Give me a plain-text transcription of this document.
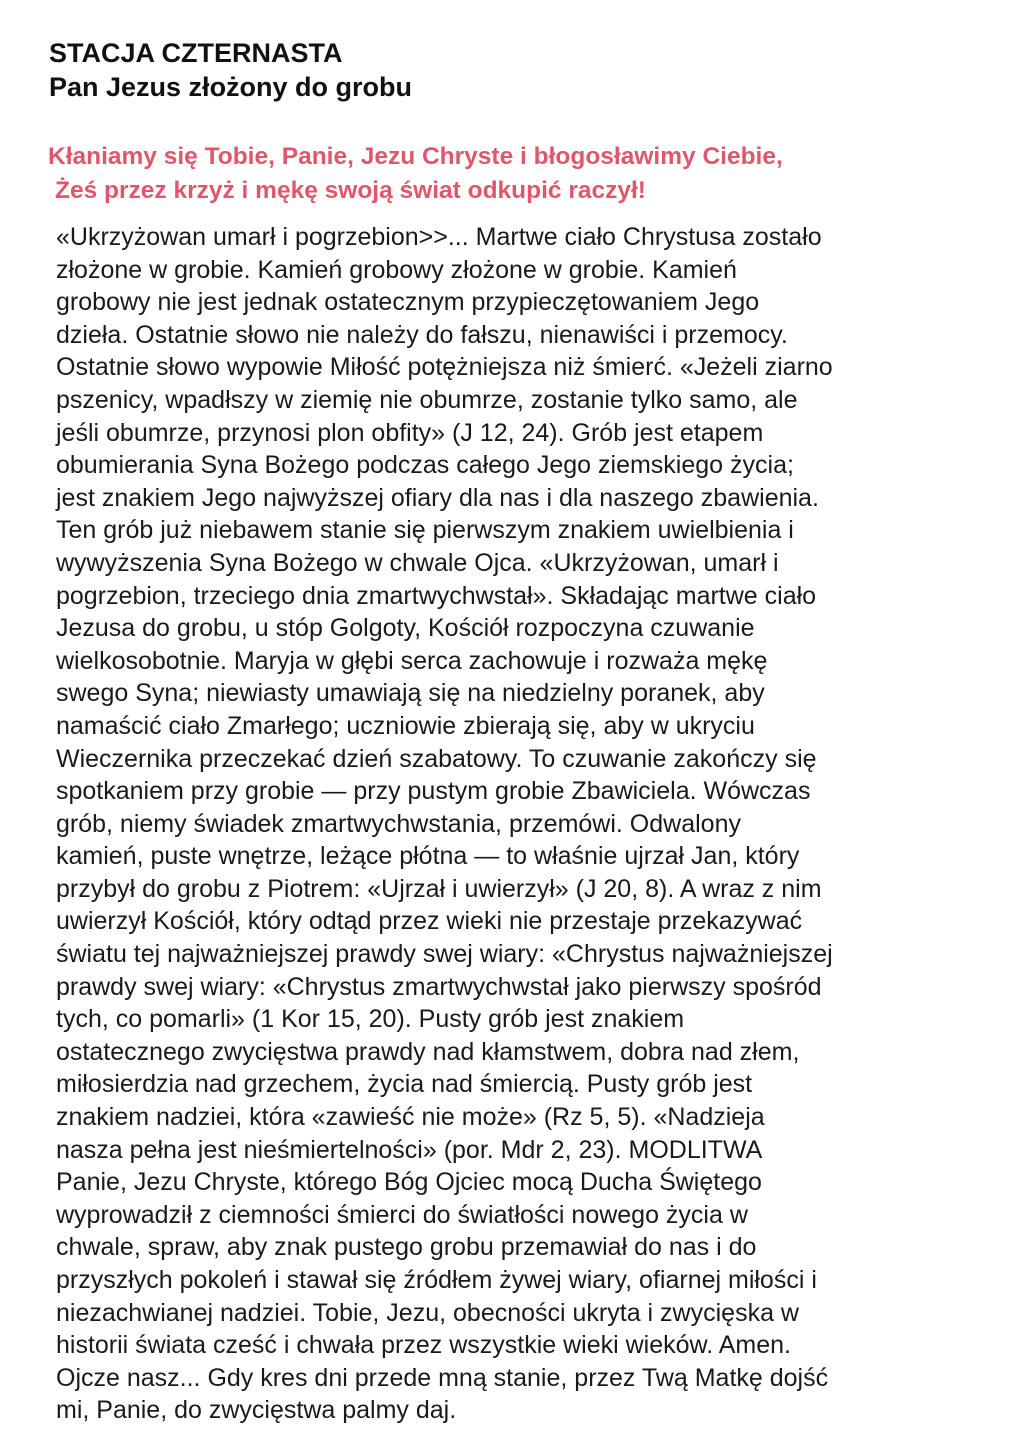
STACJA CZTERNASTA
Pan Jezus złożony do grobu
Kłaniamy się Tobie, Panie, Jezu Chryste i błogosławimy Ciebie,
Żeś przez krzyż i mękę swoją świat odkupić raczył!
«Ukrzyżowan umarł i pogrzebion>>... Martwe ciało Chrystusa zostało
złożone w grobie. Kamień grobowy złożone w grobie. Kamień
grobowy nie jest jednak ostatecznym przypieczętowaniem Jego
dzieła. Ostatnie słowo nie należy do fałszu, nienawiści i przemocy.
Ostatnie słowo wypowie Miłość potężniejsza niż śmierć. «Jeżeli ziarno
pszenicy, wpadłszy w ziemię nie obumrze, zostanie tylko samo, ale
jeśli obumrze, przynosi plon obfity» (J 12, 24). Grób jest etapem
obumierania Syna Bożego podczas całego Jego ziemskiego życia;
jest znakiem Jego najwyższej ofiary dla nas i dla naszego zbawienia.
Ten grób już niebawem stanie się pierwszym znakiem uwielbienia i
wywyższenia Syna Bożego w chwale Ojca. «Ukrzyżowan, umarł i
pogrzebion, trzeciego dnia zmartwychwstał». Składając martwe ciało
Jezusa do grobu, u stóp Golgoty, Kościół rozpoczyna czuwanie
wielkosobotnie. Maryja w głębi serca zachowuje i rozważa mękę
swego Syna; niewiasty umawiają się na niedzielny poranek, aby
namaścić ciało Zmarłego; uczniowie zbierają się, aby w ukryciu
Wieczernika przeczekać dzień szabatowy. To czuwanie zakończy się
spotkaniem przy grobie — przy pustym grobie Zbawiciela. Wówczas
grób, niemy świadek zmartwychwstania, przemówi. Odwalony
kamień, puste wnętrze, leżące płótna — to właśnie ujrzał Jan, który
przybył do grobu z Piotrem: «Ujrzał i uwierzył» (J 20, 8). A wraz z nim
uwierzył Kościół, który odtąd przez wieki nie przestaje przekazywać
światu tej najważniejszej prawdy swej wiary: «Chrystus najważniejszej
prawdy swej wiary: «Chrystus zmartwychwstał jako pierwszy spośród
tych, co pomarli» (1 Kor 15, 20). Pusty grób jest znakiem
ostatecznego zwycięstwa prawdy nad kłamstwem, dobra nad złem,
miłosierdzia nad grzechem, życia nad śmiercią. Pusty grób jest
znakiem nadziei, która «zawieść nie może» (Rz 5, 5). «Nadzieja
nasza pełna jest nieśmiertelności» (por. Mdr 2, 23). MODLITWA
Panie, Jezu Chryste, którego Bóg Ojciec mocą Ducha Świętego
wyprowadził z ciemności śmierci do światłości nowego życia w
chwale, spraw, aby znak pustego grobu przemawiał do nas i do
przyszłych pokoleń i stawał się źródłem żywej wiary, ofiarnej miłości i
niezachwianej nadziei. Tobie, Jezu, obecności ukryta i zwycięska w
historii świata cześć i chwała przez wszystkie wieki wieków. Amen.
Ojcze nasz... Gdy kres dni przede mną stanie, przez Twą Matkę dojść
mi, Panie, do zwycięstwa palmy daj.
